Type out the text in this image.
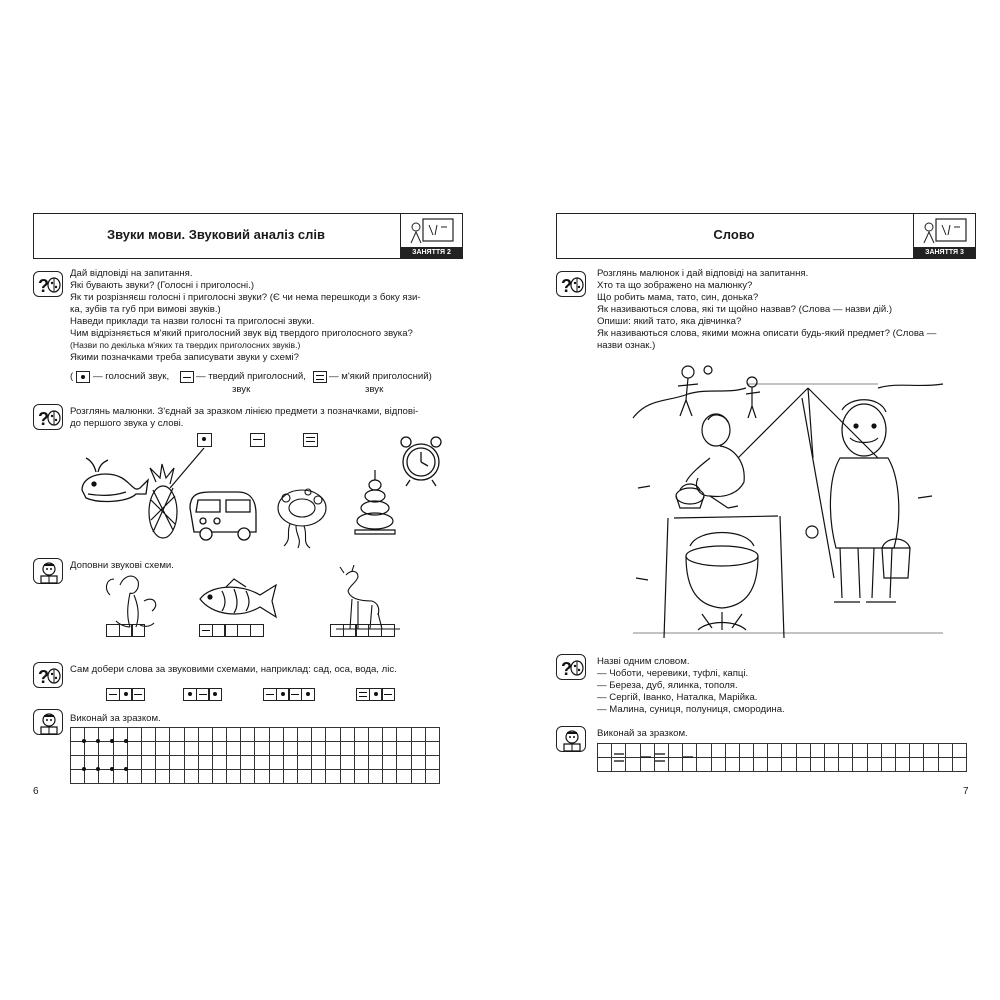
Звуки мови. Звуковий аналіз слів
ЗАНЯТТЯ 2
?
Дай відповіді на запитання.
Які бувають звуки? (Голосні і приголосні.)
Як ти розрізняєш голосні і приголосні звуки? (Є чи нема перешкоди з боку язи-
ка, зубів та губ при вимові звуків.)
Наведи приклади та назви голосні та приголосні звуки.
Чим відрізняється м'який приголосний звук від твердого приголосного звука?
(Назви по декілька м'яких та твердих приголосних звуків.)
Якими позначками треба записувати звуки у схемі?
( — голосний звук,	— твердий приголосний,
звук
— м'який приголосний)
звук
? Розглянь малюнки. З'єднай за зразком лінією предмети з позначками, відпові-
до першого звука у слові.
Доповни звукові схеми.
? Сам добери слова за звуковими схемами, наприклад: сад, оса, вода, ліс.
Виконай за зразком.

6
Слово
ЗАНЯТТЯ 3
?
Розглянь малюнок і дай відповіді на запитання.
Хто та що зображено на малюнку?
Що робить мама, тато, син, донька?
Як називаються слова, які ти щойно назвав? (Слова — назви дій.)
Опиши: який тато, яка дівчинка?
Як називаються слова, якими можна описати будь-який предмет? (Слова —
назви ознак.)
?	Назві одним словом.
— Чоботи, черевики, туфлі, капці.
— Береза, дуб, ялинка, тополя.
— Сергій, Іванко, Наталка, Марійка.
— Малина, суниця, полуниця, смородина.
Виконай за зразком.

7
